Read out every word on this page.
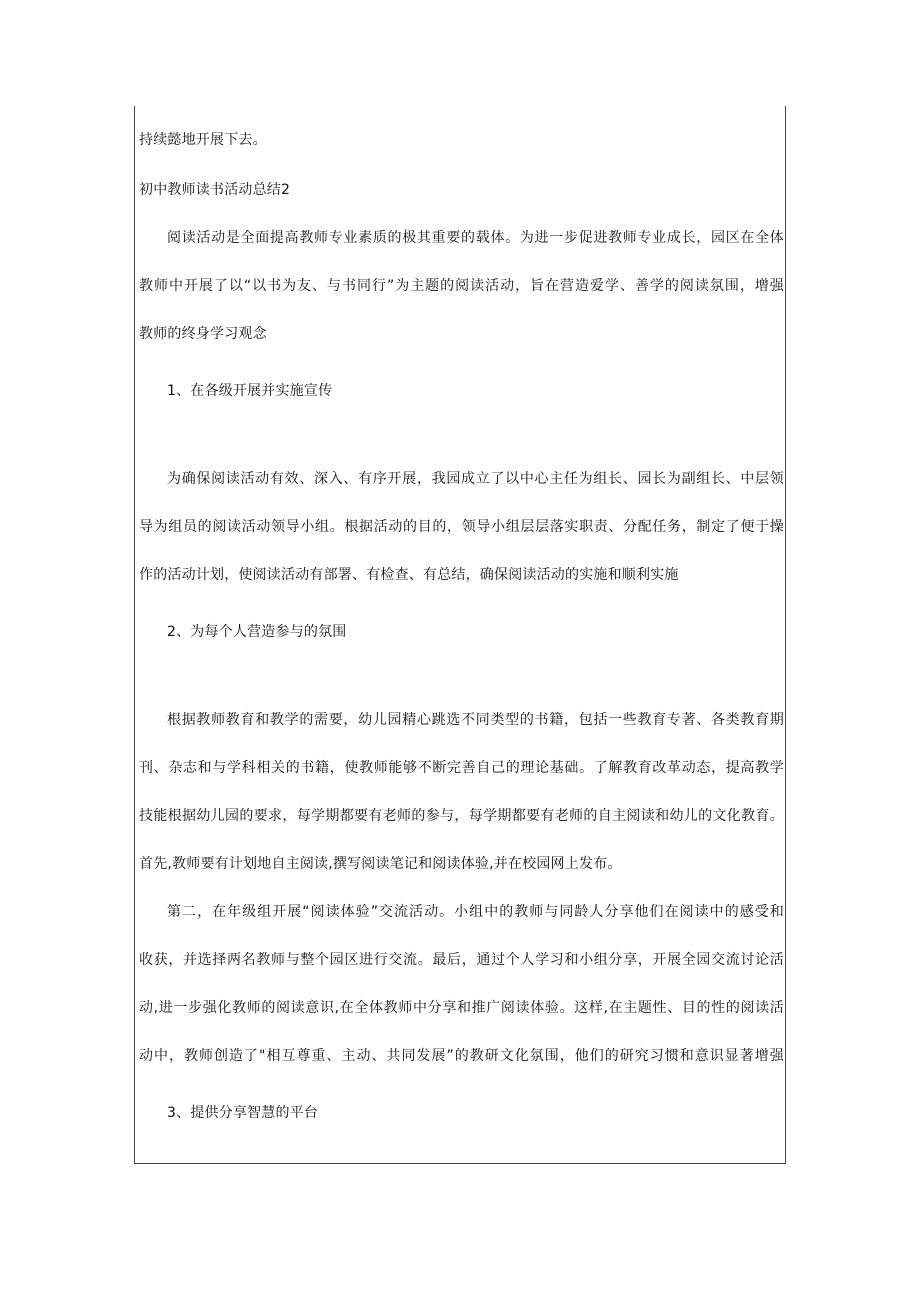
持续懿地开展下去。
初中教师读书活动总结2
阅读活动是全面提高教师专业素质的极其重要的载体。为进一步促进教师专业成长，园区在全体
教师中开展了以“以书为友、与书同行”为主题的阅读活动，旨在营造爱学、善学的阅读氛围，增强
教师的终身学习观念
1、在各级开展并实施宣传
为确保阅读活动有效、深入、有序开展，我园成立了以中心主任为组长、园长为副组长、中层领
导为组员的阅读活动领导小组。根据活动的目的，领导小组层层落实职责、分配任务，制定了便于操
作的活动计划，使阅读活动有部署、有检查、有总结，确保阅读活动的实施和顺利实施
2、为每个人营造参与的氛围
根据教师教育和教学的需要，幼儿园精心跳选不同类型的书籍，包括一些教育专著、各类教育期
刊、杂志和与学科相关的书籍，使教师能够不断完善自己的理论基础。了解教育改革动态，提高教学
技能根据幼儿园的要求，每学期都要有老师的参与，每学期都要有老师的自主阅读和幼儿的文化教育。
首先,教师要有计划地自主阅读,撰写阅读笔记和阅读体验,并在校园网上发布。
第二，在年级组开展“阅读体验”交流活动。小组中的教师与同龄人分享他们在阅读中的感受和
收获，并选择两名教师与整个园区进行交流。最后，通过个人学习和小组分享，开展全园交流讨论活
动,进一步强化教师的阅读意识,在全体教师中分享和推广阅读体验。这样,在主题性、目的性的阅读活
动中，教师创造了"相互尊重、主动、共同发展”的教研文化氛围，他们的研究习惯和意识显著增强
3、提供分享智慧的平台
